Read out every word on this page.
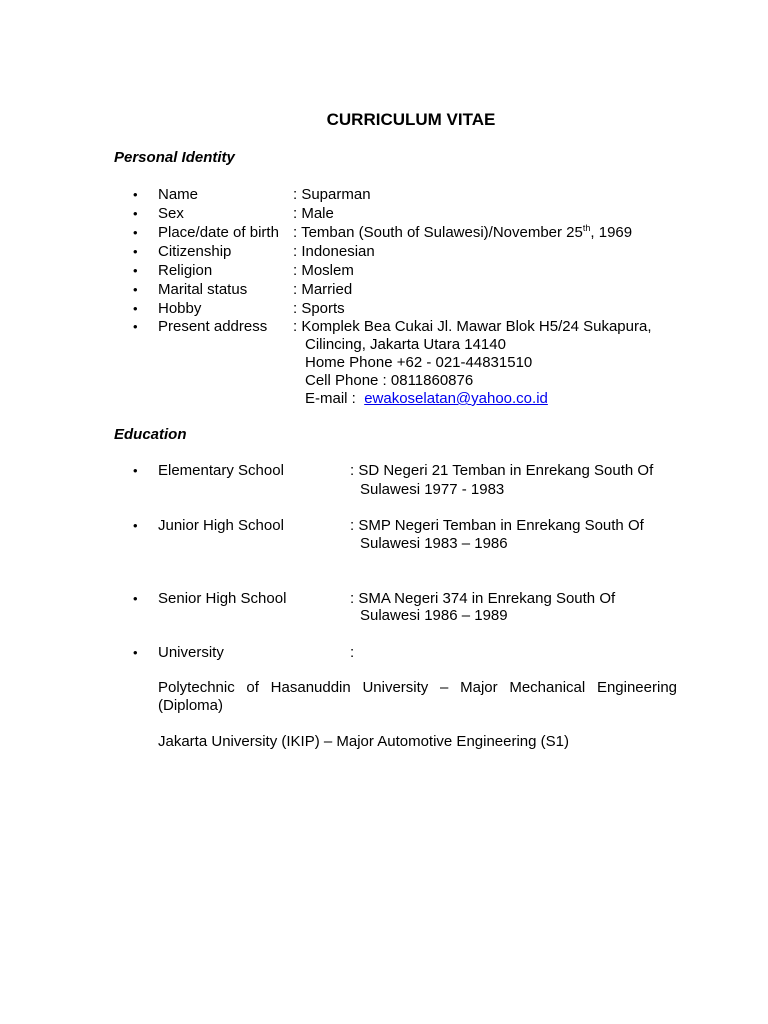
CURRICULUM VITAE
Personal Identity
• Name	: Suparman
• Sex	: Male
• Place/date of birth : Temban (South of Sulawesi)/November 25th, 1969
• Citizenship	: Indonesian
• Religion	: Moslem
• Marital status	: Married
• Hobby	: Sports
• Present address : Komplek Bea Cukai Jl. Mawar Blok H5/24 Sukapura,
Cilincing, Jakarta Utara 14140
Home Phone +62 - 021-44831510
Cell Phone : 0811860876
E-mail : ewakoselatan@yahoo.co.id
Education
• Elementary School	: SD Negeri 21 Temban in Enrekang South Of
Sulawesi 1977 - 1983
• Junior High School	: SMP Negeri Temban in Enrekang South Of
Sulawesi 1983 – 1986
• Senior High School	: SMA Negeri 374 in Enrekang South Of
Sulawesi 1986 – 1989
• University	:
Polytechnic of Hasanuddin University – Major Mechanical Engineering
(Diploma)
Jakarta University (IKIP) – Major Automotive Engineering (S1)
